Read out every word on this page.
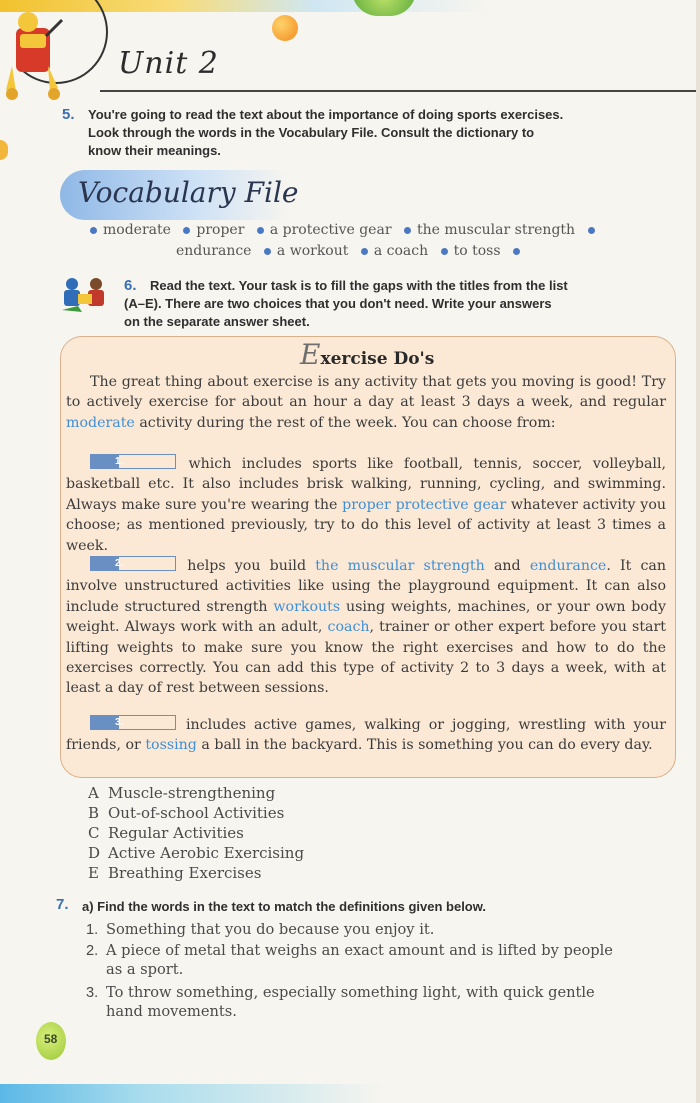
Unit 2
5. You're going to read the text about the importance of doing sports exercises.
Look through the words in the Vocabulary File. Consult the dictionary to
know their meanings.
Vocabulary File
moderate proper a protective gear the muscular strength
endurance a workout a coach to toss
6. Read the text. Your task is to fill the gaps with the titles from the list
(A–E). There are two choices that you don't need. Write your answers
on the separate answer sheet.
Exercise Do's
The great thing about exercise is any activity that gets you moving is good! Try to actively exercise for about an hour a day at least 3 days a week, and regular moderate activity during the rest of the week. You can choose from:
1.	which includes sports like football, tennis, soccer, volleyball, basketball etc. It also includes brisk walking, running, cycling, and swimming. Always make sure you're wearing the proper protective gear whatever activity you choose; as mentioned previously, try to do this level of activity at least 3 times a week.
2.	helps you build the muscular strength and endurance. It can involve unstructured activities like using the playground equipment. It can also include structured strength workouts using weights, machines, or your own body weight. Always work with an adult, coach, trainer or other expert before you start lifting weights to make sure you know the right exercises and how to do the exercises correctly. You can add this type of activity 2 to 3 days a week, with at least a day of rest between sessions.
3.	includes active games, walking or jogging, wrestling with your friends, or tossing a ball in the backyard. This is something you can do every day.
A Muscle-strengthening
B Out-of-school Activities
C Regular Activities
D Active Aerobic Exercising
E Breathing Exercises
7. a) Find the words in the text to match the definitions given below.
1. Something that you do because you enjoy it.
2. A piece of metal that weighs an exact amount and is lifted by people
as a sport.
3. To throw something, especially something light, with quick gentle
hand movements.
58
